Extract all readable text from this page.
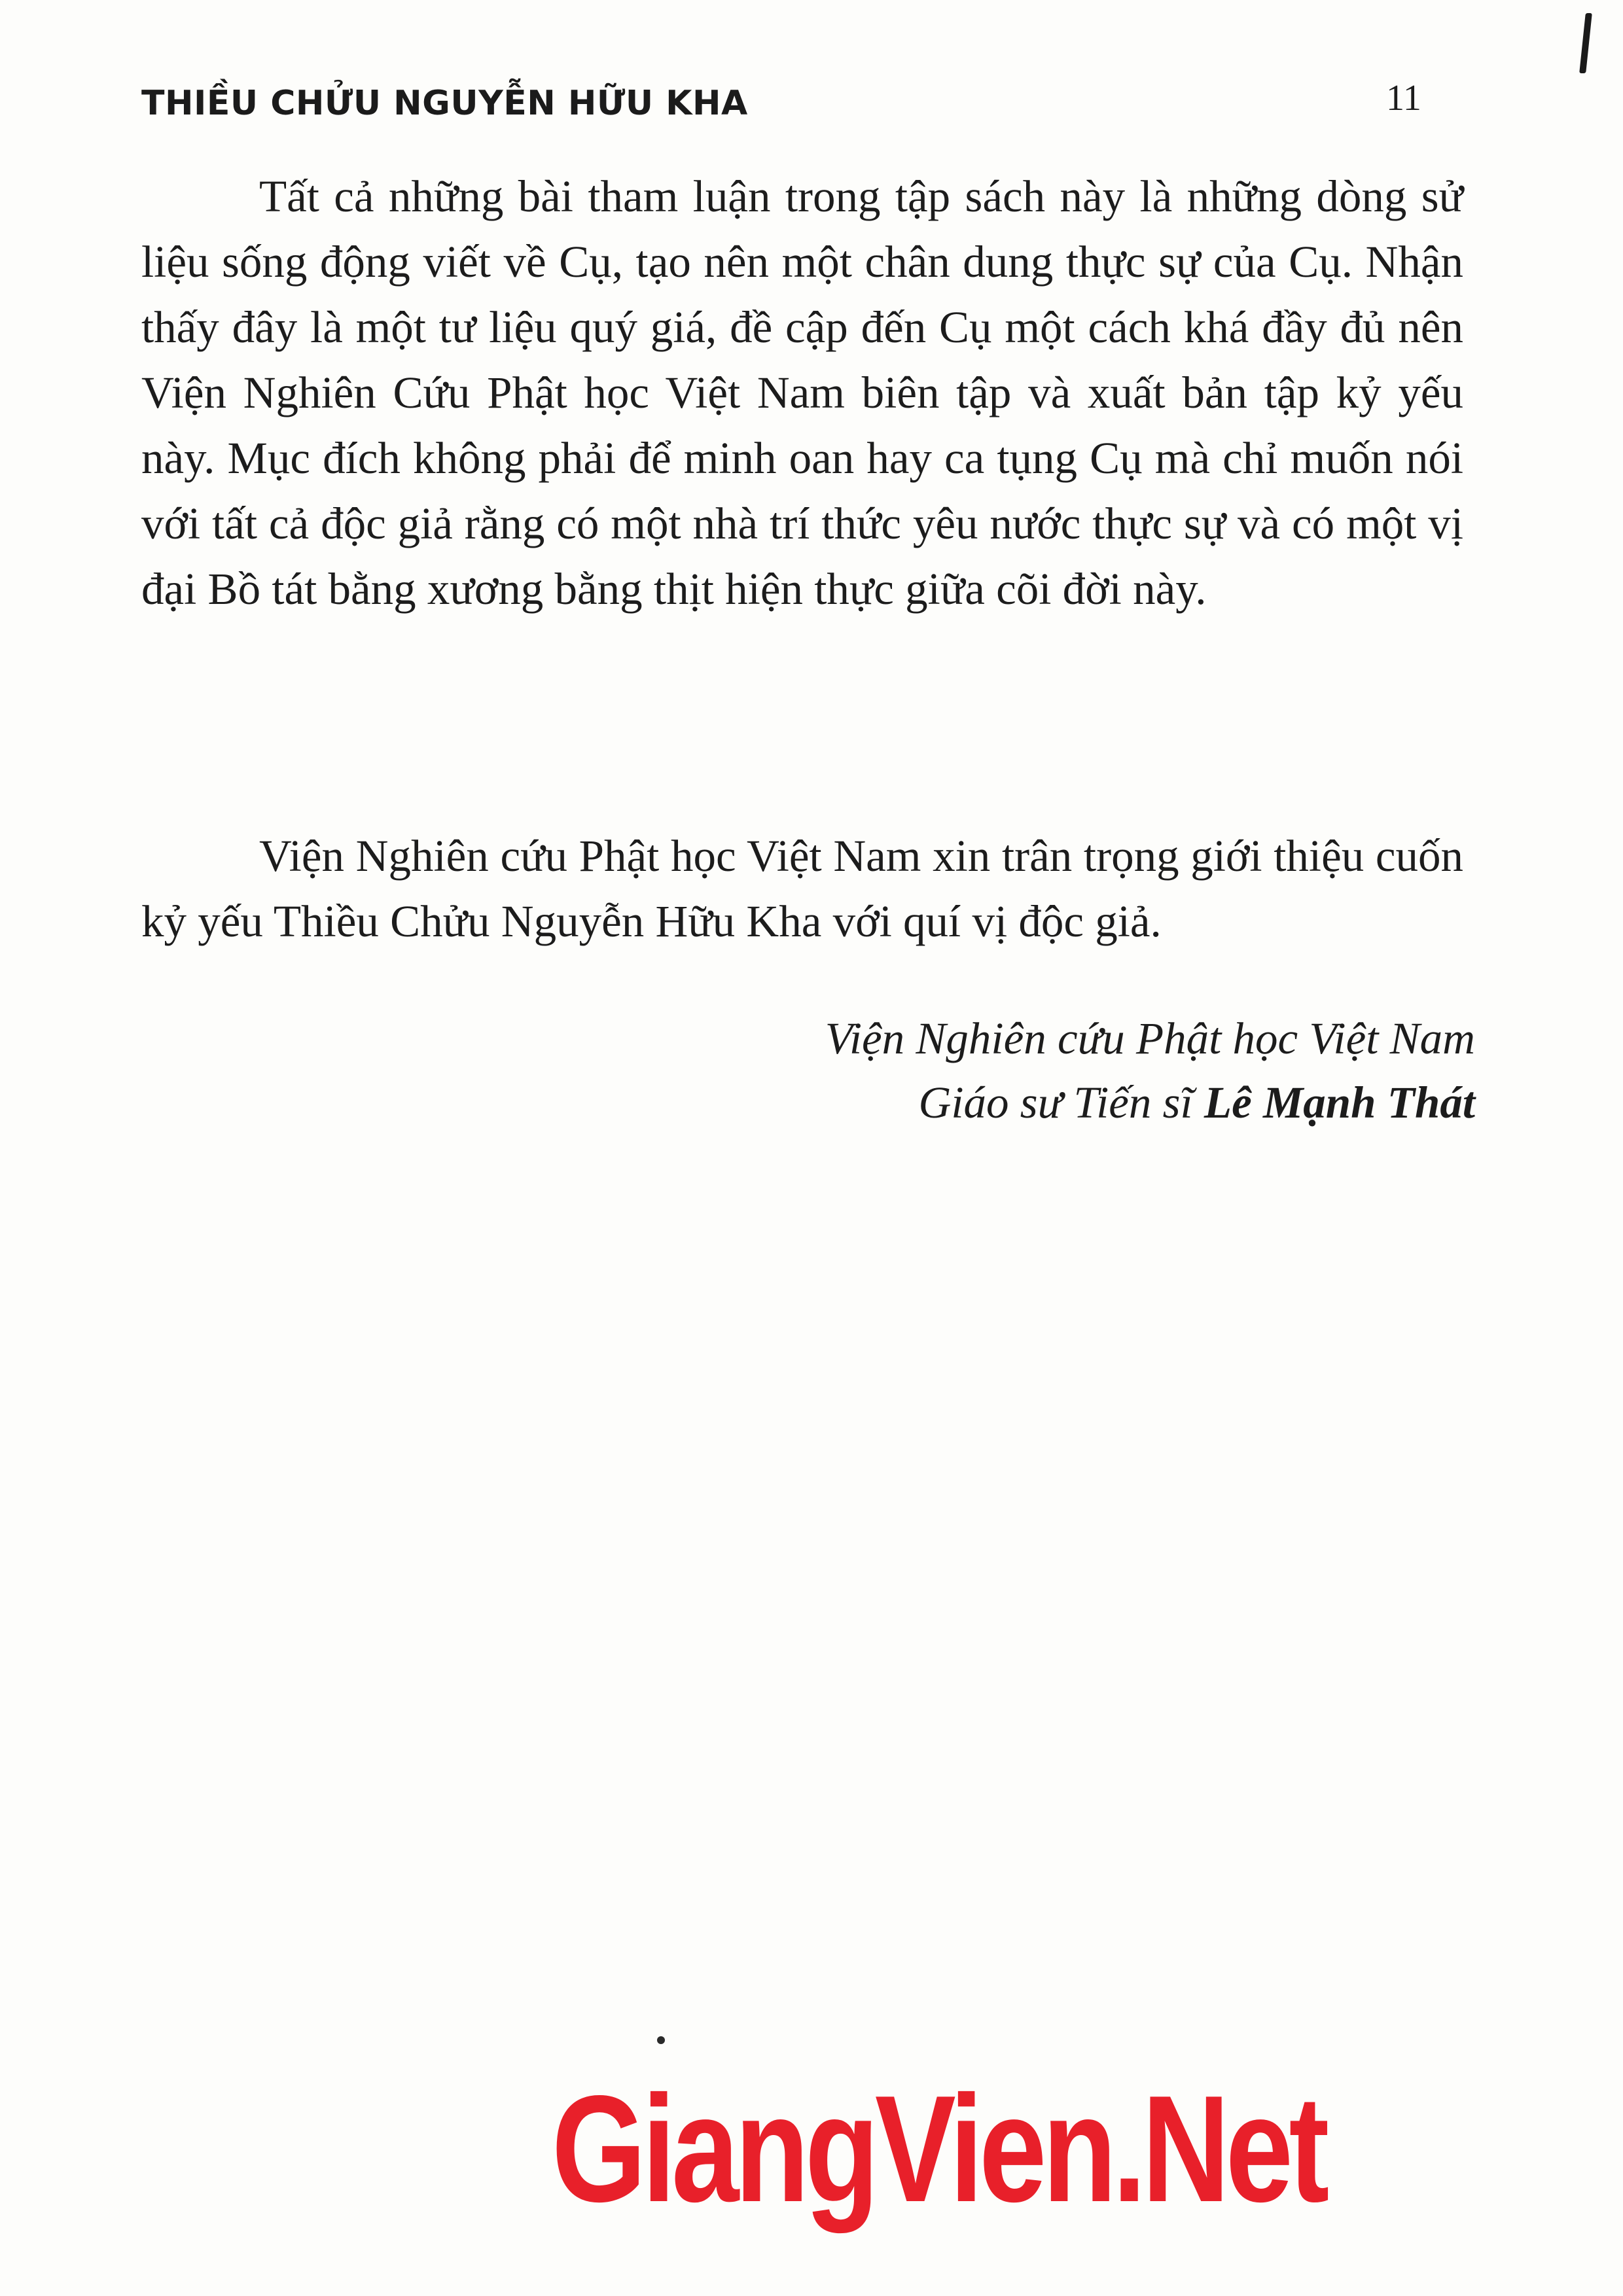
THIỀU CHỬU NGUYỄN HỮU KHA	11

Tất cả những bài tham luận trong tập sách này là những dòng sử liệu sống động viết về Cụ, tạo nên một chân dung thực sự của Cụ. Nhận thấy đây là một tư liệu quý giá, đề cập đến Cụ một cách khá đầy đủ nên Viện Nghiên Cứu Phật học Việt Nam biên tập và xuất bản tập kỷ yếu này. Mục đích không phải để minh oan hay ca tụng Cụ mà chỉ muốn nói với tất cả độc giả rằng có một nhà trí thức yêu nước thực sự và có một vị đại Bồ tát bằng xương bằng thịt hiện thực giữa cõi đời này.

Viện Nghiên cứu Phật học Việt Nam xin trân trọng giới thiệu cuốn kỷ yếu Thiều Chửu Nguyễn Hữu Kha với quí vị độc giả.

Viện Nghiên cứu Phật học Việt Nam
Giáo sư Tiến sĩ Lê Mạnh Thát
GiangVien.Net
